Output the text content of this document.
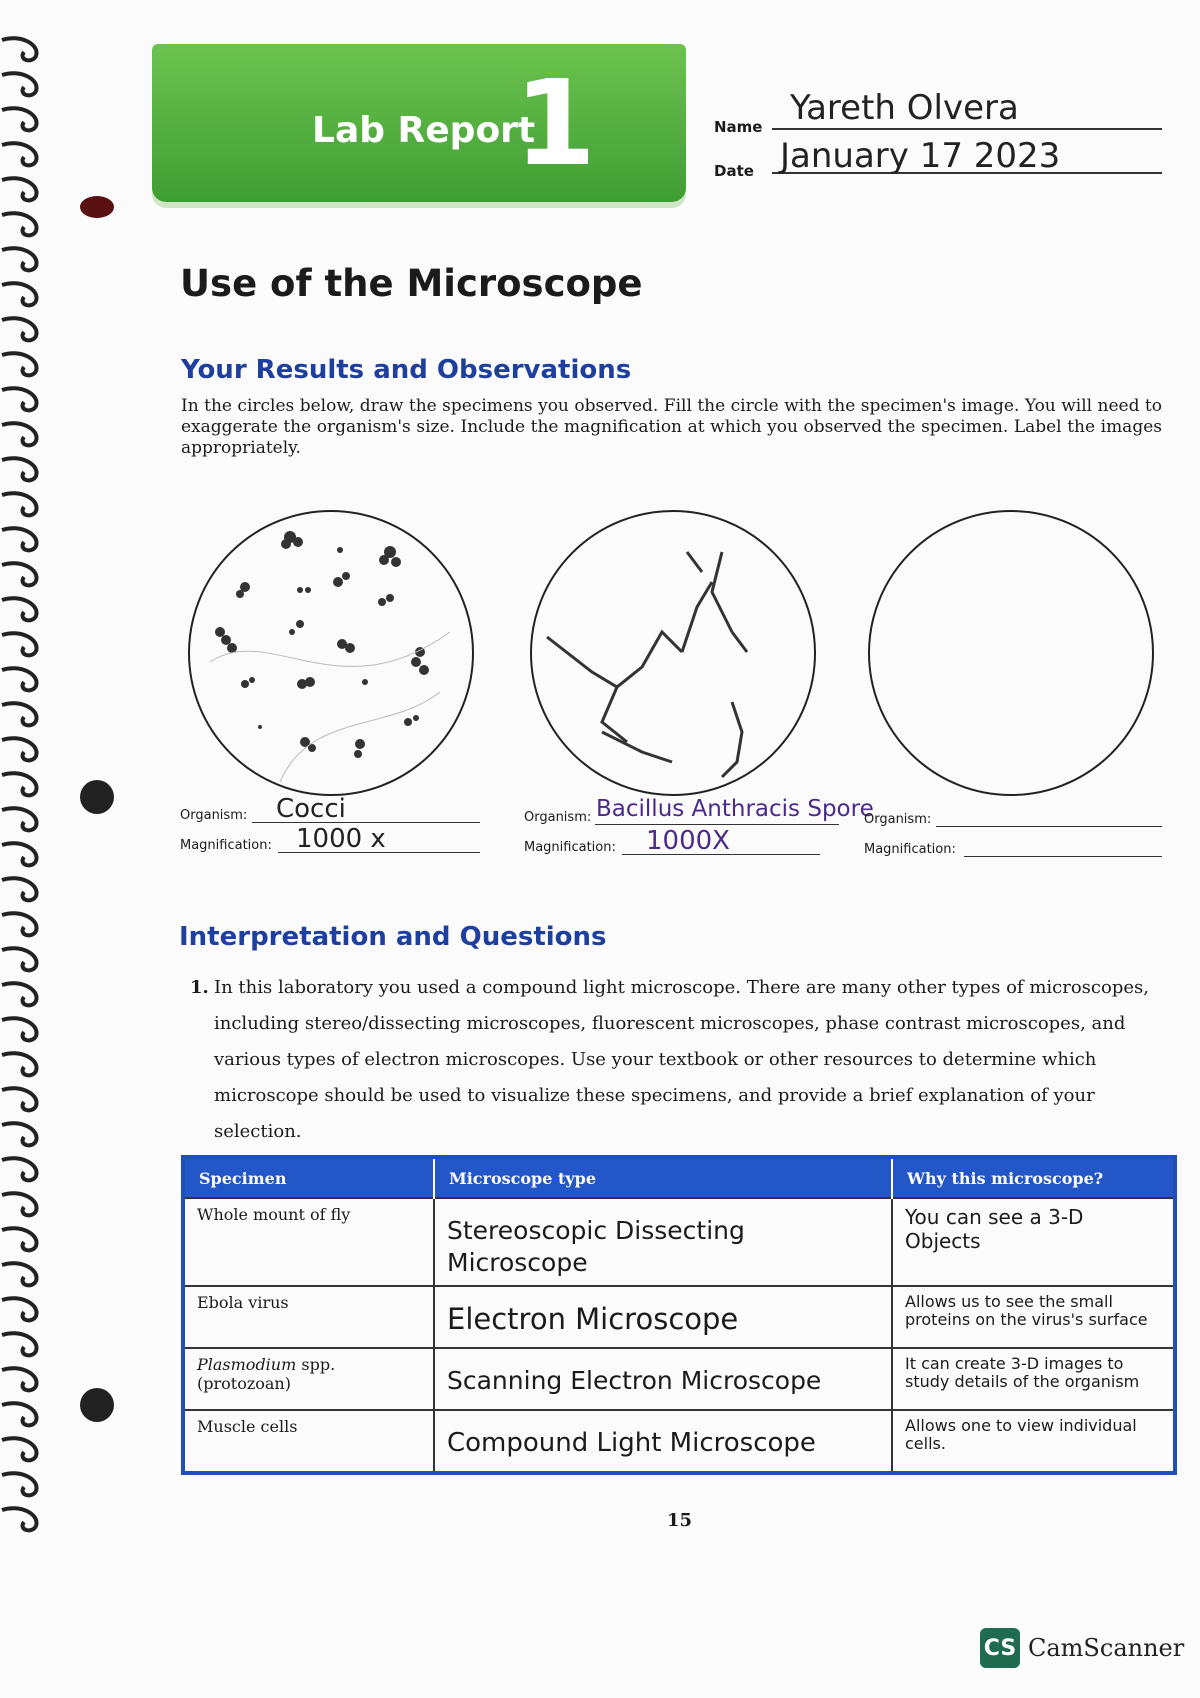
Lab Report
1	Name Yareth Olvera
Date January 17 2023
Use of the Microscope
Your Results and Observations
In the circles below, draw the specimens you observed. Fill the circle with the specimen's image. You will need to exaggerate the organism's size. Include the magnification at which you observed the specimen. Label the images appropriately.
Organism: Cocci
Magnification: 1000 x
Organism: Bacillus Anthracis Spore
Magnification: 1000X
Organism:
Magnification:
Interpretation and Questions
1. In this laboratory you used a compound light microscope. There are many other types of microscopes, including stereo/dissecting microscopes, fluorescent microscopes, phase contrast microscopes, and various types of electron microscopes. Use your textbook or other resources to determine which microscope should be used to visualize these specimens, and provide a brief explanation of your selection.
Specimen	Microscope type	Why this microscope?
Whole mount of fly	Stereoscopic Dissecting Microscope	You can see a 3-D Objects

Ebola virus	Electron Microscope	Allows us to see the small proteins on the virus's surface

Plasmodium spp. (protozoan)	Scanning Electron Microscope	It can create 3-D images to study details of the organism

Muscle cells	Compound Light Microscope	Allows one to view individual cells.
15
CS CamScanner
